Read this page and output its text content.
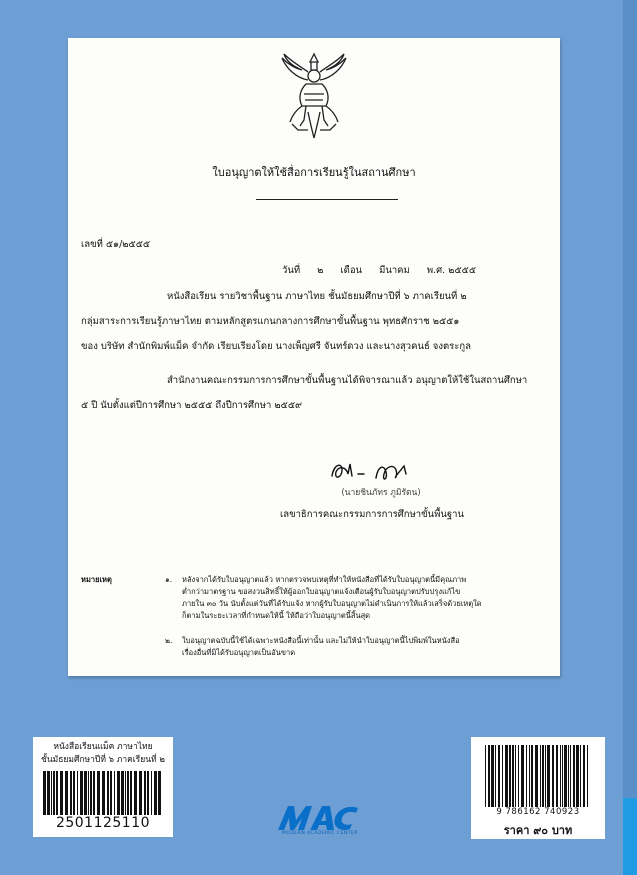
ใบอนุญาตให้ใช้สื่อการเรียนรู้ในสถานศึกษา
เลขที่ ๕๑/๒๕๕๕
วันที่ ๒ เดือน มีนาคม พ.ศ. ๒๕๕๕
หนังสือเรียน รายวิชาพื้นฐาน ภาษาไทย ชั้นมัธยมศึกษาปีที่ ๖ ภาคเรียนที่ ๒
กลุ่มสาระการเรียนรู้ภาษาไทย ตามหลักสูตรแกนกลางการศึกษาขั้นพื้นฐาน พุทธศักราช ๒๕๕๑
ของ บริษัท สำนักพิมพ์แม็ค จำกัด เรียบเรียงโดย นางเพ็ญศรี จันทร์ดวง และนางสุวคนธ์ จงตระกูล
สำนักงานคณะกรรมการการศึกษาขั้นพื้นฐานได้พิจารณาแล้ว อนุญาตให้ใช้ในสถานศึกษา
๕ ปี นับตั้งแต่ปีการศึกษา ๒๕๕๕ ถึงปีการศึกษา ๒๕๕๙
(นายชินภัทร ภูมิรัตน)
เลขาธิการคณะกรรมการการศึกษาขั้นพื้นฐาน
หมายเหตุ	๑. หลังจากได้รับใบอนุญาตแล้ว หากตรวจพบเหตุที่ทำให้หนังสือที่ได้รับใบอนุญาตนี้มีคุณภาพ
ต่ำกว่ามาตรฐาน ขอสงวนสิทธิ์ให้ผู้ออกใบอนุญาตแจ้งเตือนผู้รับใบอนุญาตปรับปรุงแก้ไข
ภายใน ๓๐ วัน นับตั้งแต่วันที่ได้รับแจ้ง หากผู้รับใบอนุญาตไม่ดำเนินการให้แล้วเสร็จด้วยเหตุใด
ก็ตามในระยะเวลาที่กำหนดให้นี้ ให้ถือว่าใบอนุญาตนี้สิ้นสุด
๒. ใบอนุญาตฉบับนี้ใช้ได้เฉพาะหนังสือนี้เท่านั้น และไม่ให้นำใบอนุญาตนี้ไปพิมพ์ในหนังสือ
เรื่องอื่นที่มิได้รับอนุญาตเป็นอันขาด
หนังสือเรียนแม็ค ภาษาไทย
ชั้นมัธยมศึกษาปีที่ ๖ ภาคเรียนที่ ๒
2501125110
9 786162 740923
ราคา ๙๐ บาท
MODERN ACADEMIC CENTER
